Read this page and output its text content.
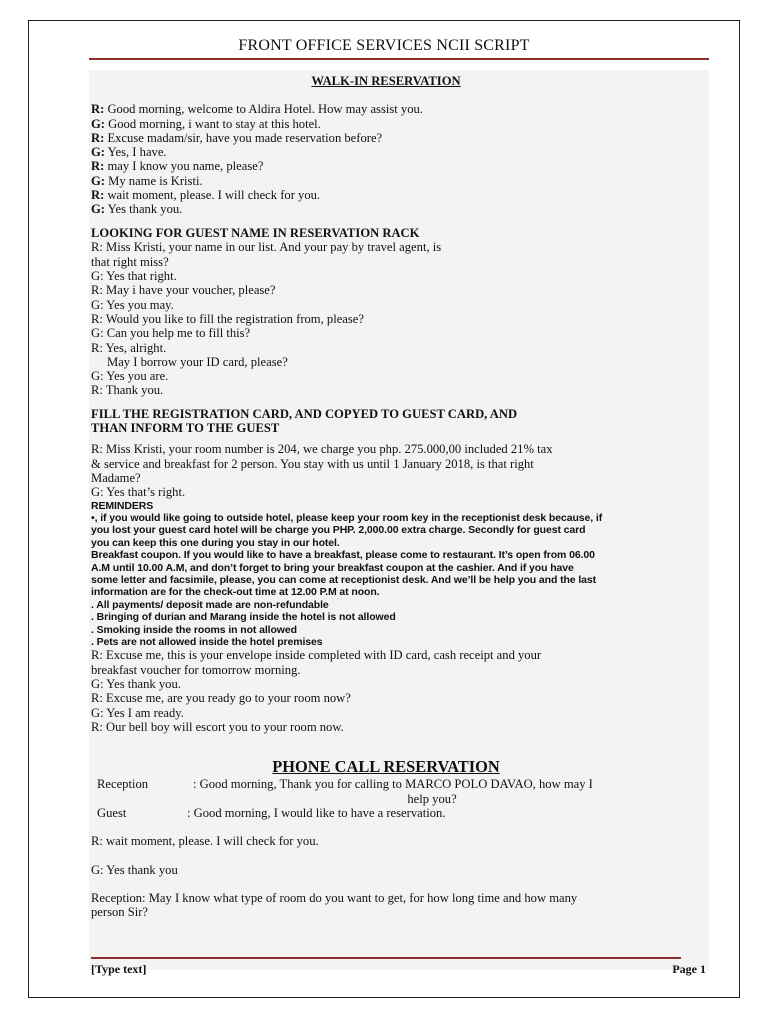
FRONT OFFICE SERVICES NCII SCRIPT
WALK-IN RESERVATION
R: Good morning, welcome to Aldira Hotel. How may assist you.
G: Good morning, i want to stay at this hotel.
R: Excuse madam/sir, have you made reservation before?
G: Yes, I have.
R: may I know you name, please?
G: My name is Kristi.
R: wait moment, please. I will check for you.
G: Yes thank you.
LOOKING FOR GUEST NAME IN RESERVATION RACK
R: Miss Kristi, your name in our list. And your pay by travel agent, is
that right miss?
G: Yes that right.
R: May i have your voucher, please?
G: Yes you may.
R: Would you like to fill the registration from, please?
G: Can you help me to fill this?
R: Yes, alright.
May I borrow your ID card, please?
G: Yes you are.
R: Thank you.
FILL THE REGISTRATION CARD, AND COPYED TO GUEST CARD, AND
THAN INFORM TO THE GUEST
R: Miss Kristi, your room number is 204, we charge you php. 275.000,00 included 21% tax
& service and breakfast for 2 person. You stay with us until 1 January 2018, is that right
Madame?
G: Yes that’s right.
REMINDERS
•, if you would like going to outside hotel, please keep your room key in the receptionist desk because, if
you lost your guest card hotel will be charge you PHP. 2,000.00 extra charge. Secondly for guest card
you can keep this one during you stay in our hotel.
Breakfast coupon. If you would like to have a breakfast, please come to restaurant. It’s open from 06.00
A.M until 10.00 A.M, and don’t forget to bring your breakfast coupon at the cashier. And if you have
some letter and facsimile, please, you can come at receptionist desk. And we’ll be help you and the last
information are for the check-out time at 12.00 P.M at noon.
. All payments/ deposit made are non-refundable
. Bringing of durian and Marang inside the hotel is not allowed
. Smoking inside the rooms in not allowed
. Pets are not allowed inside the hotel premises
R: Excuse me, this is your envelope inside completed with ID card, cash receipt and your
breakfast voucher for tomorrow morning.
G: Yes thank you.
R: Excuse me, are you ready go to your room now?
G: Yes I am ready.
R: Our bell boy will escort you to your room now.
PHONE CALL RESERVATION
Reception	: Good morning, Thank you for calling to MARCO POLO DAVAO, how may I
help you?
Guest	: Good morning, I would like to have a reservation.
R: wait moment, please. I will check for you.
G: Yes thank you
Reception: May I know what type of room do you want to get, for how long time and how many
person Sir?
[Type text]	Page 1
